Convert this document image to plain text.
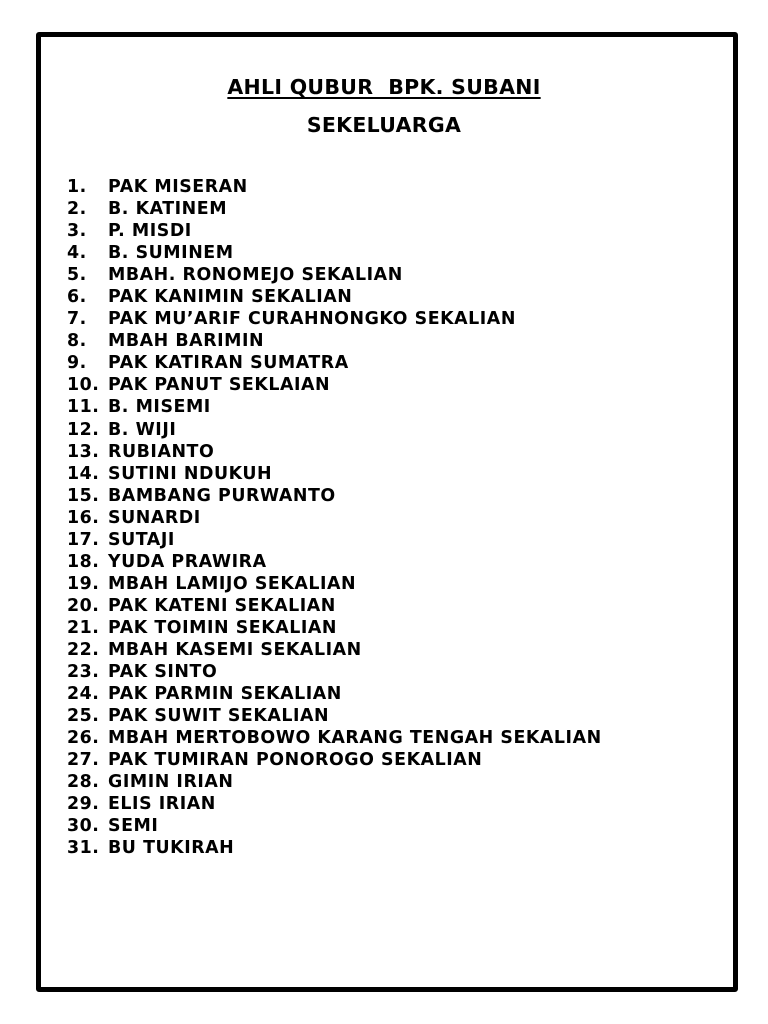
AHLI QUBUR  BPK. SUBANI
SEKELUARGA
1.	PAK MISERAN
2.	B. KATINEM
3.	P. MISDI
4.	B. SUMINEM
5.	MBAH. RONOMEJO SEKALIAN
6.	PAK KANIMIN SEKALIAN
7.	PAK MU’ARIF CURAHNONGKO SEKALIAN
8.	MBAH BARIMIN
9.	PAK KATIRAN SUMATRA
10. PAK PANUT SEKLAIAN
11. B. MISEMI
12. B. WIJI
13. RUBIANTO
14. SUTINI NDUKUH
15. BAMBANG PURWANTO
16. SUNARDI
17. SUTAJI
18. YUDA PRAWIRA
19. MBAH LAMIJO SEKALIAN
20. PAK KATENI SEKALIAN
21. PAK TOIMIN SEKALIAN
22. MBAH KASEMI SEKALIAN
23. PAK SINTO
24. PAK PARMIN SEKALIAN
25. PAK SUWIT SEKALIAN
26. MBAH MERTOBOWO KARANG TENGAH SEKALIAN
27. PAK TUMIRAN PONOROGO SEKALIAN
28. GIMIN IRIAN
29. ELIS IRIAN
30. SEMI
31. BU TUKIRAH
